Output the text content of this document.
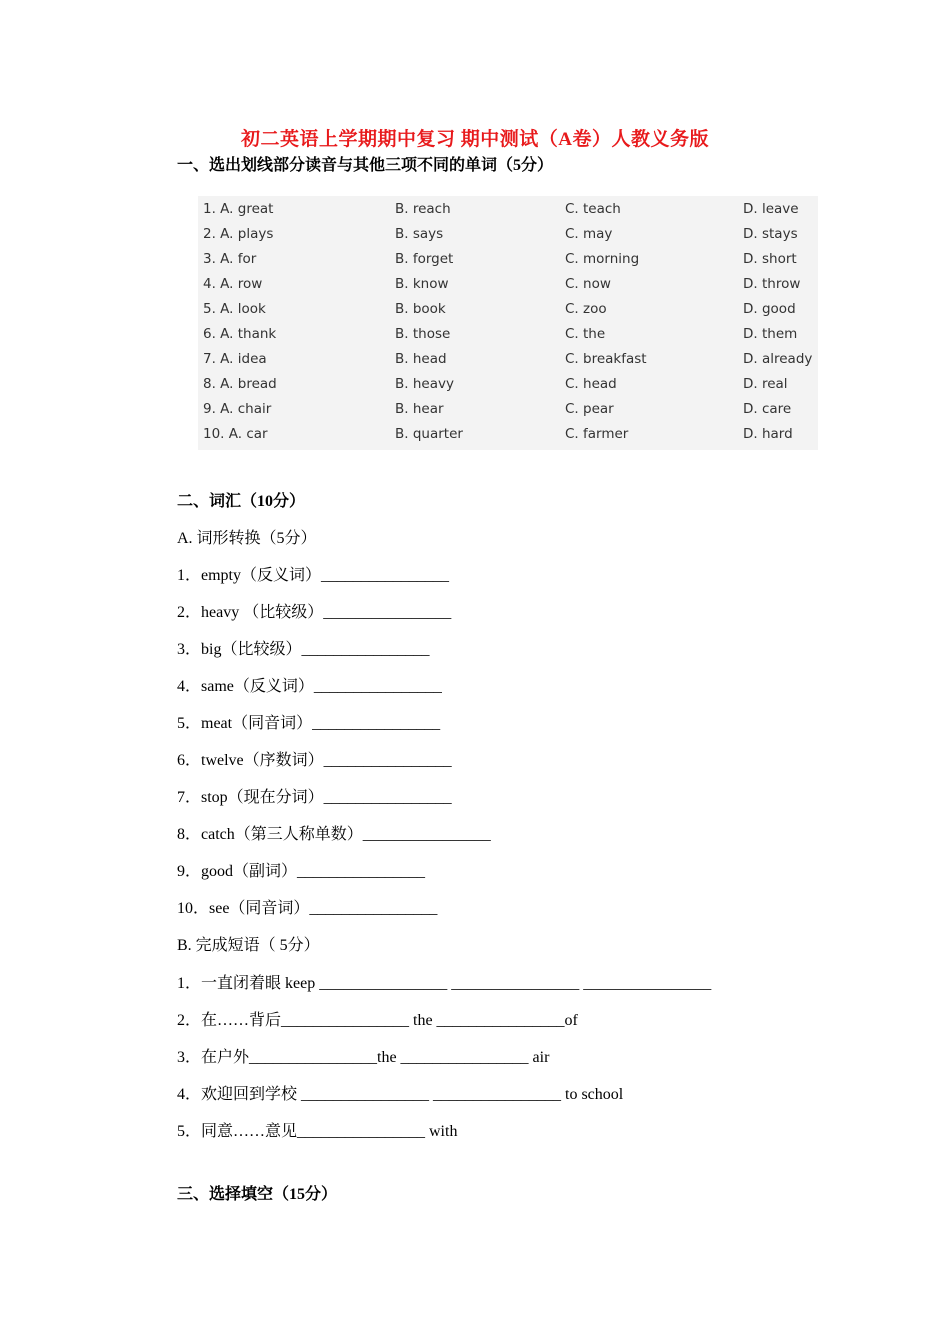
初二英语上学期期中复习 期中测试（A卷）人教义务版
一、选出划线部分读音与其他三项不同的单词（5分）
1. A. great	B. reach	C. teach	D. leave
2. A. plays	B. says	C. may	D. stays
3. A. for	B. forget	C. morning	D. short
4. A. row	B. know	C. now	D. throw
5. A. look	B. book	C. zoo	D. good
6. A. thank	B. those	C. the	D. them
7. A. idea	B. head	C. breakfast	D. already
8. A. bread	B. heavy	C. head	D. real
9. A. chair	B. hear	C. pear	D. care
10. A. car	B. quarter	C. farmer	D. hard
二、词汇（10分）
A. 词形转换（5分）
1．empty（反义词）________________
2．heavy （比较级）________________
3．big（比较级）________________
4．same（反义词）________________
5．meat（同音词）________________
6．twelve（序数词）________________
7．stop（现在分词）________________
8．catch（第三人称单数）________________
9．good（副词）________________
10．see（同音词）________________
B. 完成短语（ 5分）
1．一直闭着眼 keep ________________ ________________ ________________
2．在……背后________________ the ________________of
3．在户外________________the ________________ air
4．欢迎回到学校 ________________ ________________ to school
5．同意……意见________________ with
三、选择填空（15分）
